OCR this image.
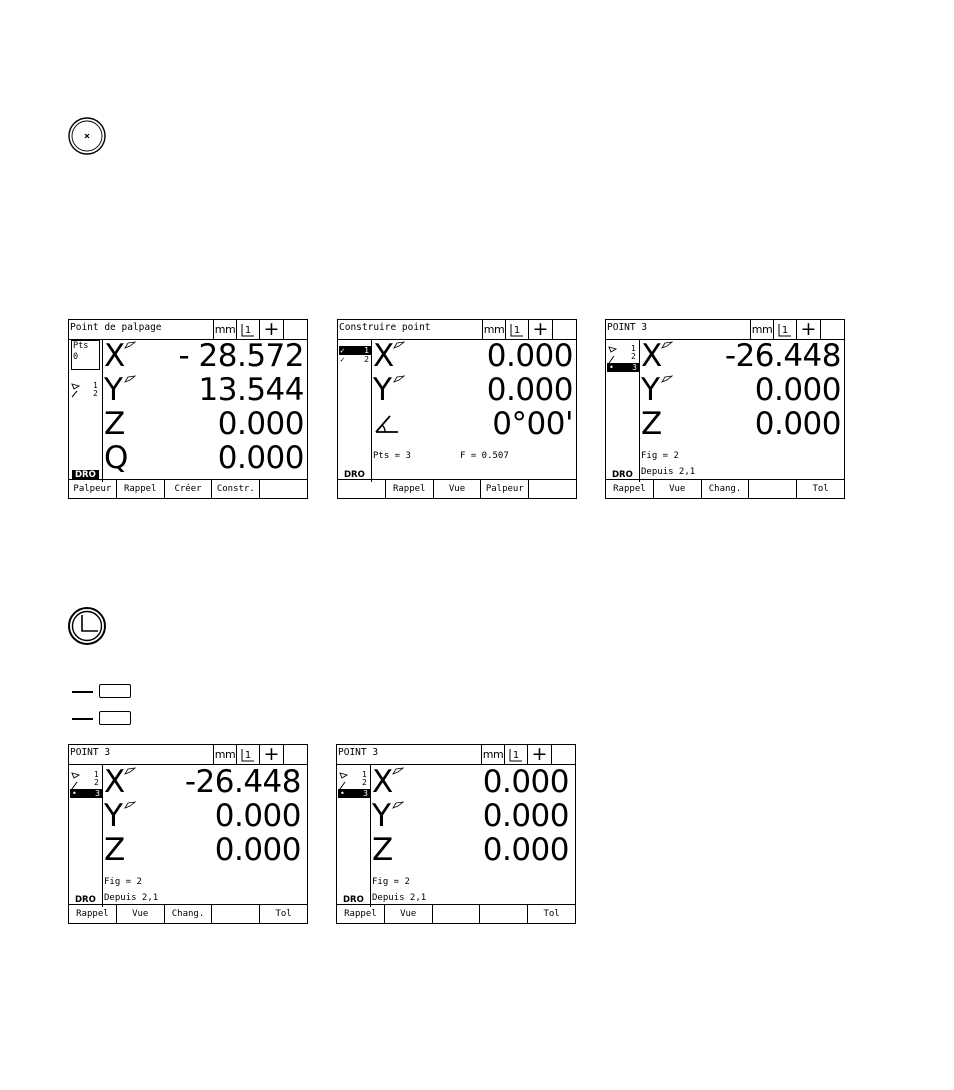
Point de palpage	mm 1 +
Pts
0
1
2
DRO
X - 28.572
Y 13.544
Z	0.000
Q	0.000
Palpeur	Rappel	Créer	Constr.
Construire point	mm 1 +
✓ 1
✓ 2
DRO
X	0.000
Y	0.000
0°00'
Pts = 3	F = 0.507
Rappel	Vue	Palpeur
POINT 3	mm 1 +
1
2
• 3
DRO
X -26.448
Y	0.000
Z	0.000
Fig = 2
Depuis 2,1
Rappel	Vue	Chang.	Tol
POINT 3	mm 1 +
1
2
• 3
DRO
X -26.448
Y	0.000
Z	0.000
Fig = 2
Depuis 2,1
Rappel	Vue	Chang.	Tol
POINT 3	mm 1 +
1
2
• 3
DRO
X	0.000
Y	0.000
Z	0.000
Fig = 2
Depuis 2,1
Rappel	Vue	Tol
